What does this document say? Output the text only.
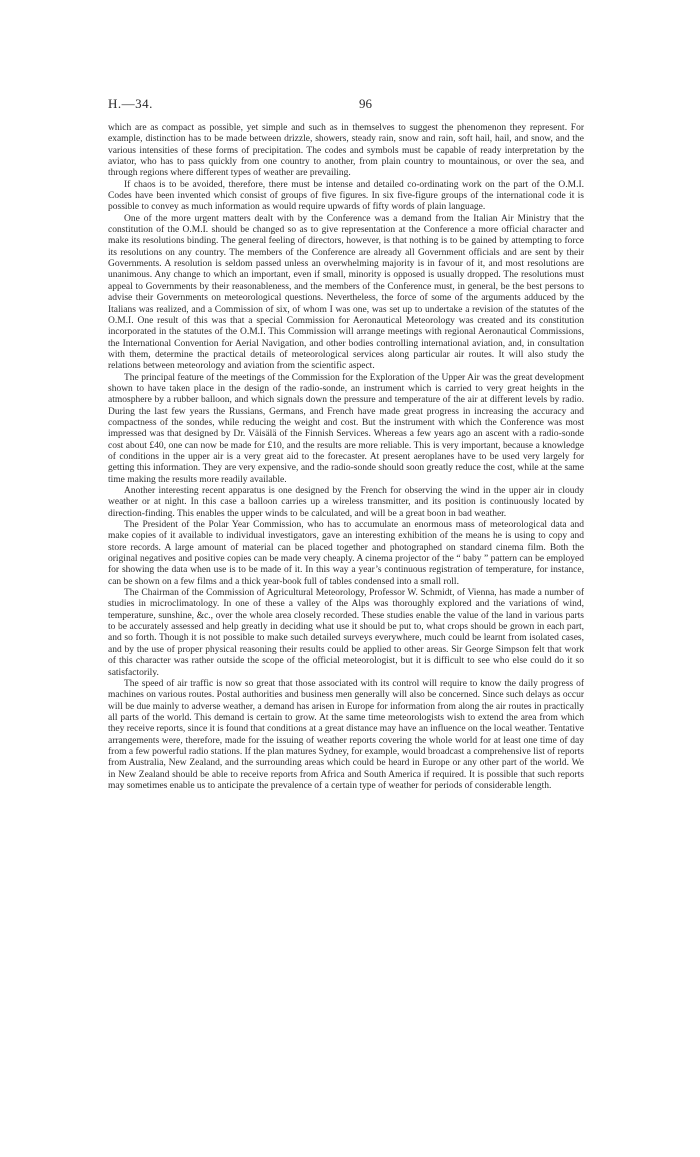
H.—34.	96

which are as compact as possible, yet simple and such as in themselves to suggest the phenomenon they represent. For example, distinction has to be made between drizzle, showers, steady rain, snow and rain, soft hail, hail, and snow, and the various intensities of these forms of precipitation. The codes and symbols must be capable of ready interpretation by the aviator, who has to pass quickly from one country to another, from plain country to mountainous, or over the sea, and through regions where different types of weather are prevailing.

If chaos is to be avoided, therefore, there must be intense and detailed co-ordinating work on the part of the O.M.I. Codes have been invented which consist of groups of five figures. In six five-figure groups of the international code it is possible to convey as much information as would require upwards of fifty words of plain language.

One of the more urgent matters dealt with by the Conference was a demand from the Italian Air Ministry that the constitution of the O.M.I. should be changed so as to give representation at the Conference a more official character and make its resolutions binding. The general feeling of directors, however, is that nothing is to be gained by attempting to force its resolutions on any country. The members of the Conference are already all Government officials and are sent by their Governments. A resolution is seldom passed unless an overwhelming majority is in favour of it, and most resolutions are unanimous. Any change to which an important, even if small, minority is opposed is usually dropped. The resolutions must appeal to Governments by their reasonableness, and the members of the Conference must, in general, be the best persons to advise their Governments on meteorological questions. Nevertheless, the force of some of the arguments adduced by the Italians was realized, and a Commission of six, of whom I was one, was set up to undertake a revision of the statutes of the O.M.I. One result of this was that a special Commission for Aeronautical Meteorology was created and its constitution incorporated in the statutes of the O.M.I. This Commission will arrange meetings with regional Aeronautical Commissions, the International Convention for Aerial Navigation, and other bodies controlling international aviation, and, in consultation with them, determine the practical details of meteorological services along particular air routes. It will also study the relations between meteorology and aviation from the scientific aspect.

The principal feature of the meetings of the Commission for the Exploration of the Upper Air was the great development shown to have taken place in the design of the radio-sonde, an instrument which is carried to very great heights in the atmosphere by a rubber balloon, and which signals down the pressure and temperature of the air at different levels by radio. During the last few years the Russians, Germans, and French have made great progress in increasing the accuracy and compactness of the sondes, while reducing the weight and cost. But the instrument with which the Conference was most impressed was that designed by Dr. Väisälä of the Finnish Services. Whereas a few years ago an ascent with a radio-sonde cost about £40, one can now be made for £10, and the results are more reliable. This is very important, because a knowledge of conditions in the upper air is a very great aid to the forecaster. At present aeroplanes have to be used very largely for getting this information. They are very expensive, and the radio-sonde should soon greatly reduce the cost, while at the same time making the results more readily available.

Another interesting recent apparatus is one designed by the French for observing the wind in the upper air in cloudy weather or at night. In this case a balloon carries up a wireless transmitter, and its position is continuously located by direction-finding. This enables the upper winds to be calculated, and will be a great boon in bad weather.

The President of the Polar Year Commission, who has to accumulate an enormous mass of meteorological data and make copies of it available to individual investigators, gave an interesting exhibition of the means he is using to copy and store records. A large amount of material can be placed together and photographed on standard cinema film. Both the original negatives and positive copies can be made very cheaply. A cinema projector of the “ baby ” pattern can be employed for showing the data when use is to be made of it. In this way a year’s continuous registration of temperature, for instance, can be shown on a few films and a thick year-book full of tables condensed into a small roll.

The Chairman of the Commission of Agricultural Meteorology, Professor W. Schmidt, of Vienna, has made a number of studies in microclimatology. In one of these a valley of the Alps was thoroughly explored and the variations of wind, temperature, sunshine, &c., over the whole area closely recorded. These studies enable the value of the land in various parts to be accurately assessed and help greatly in deciding what use it should be put to, what crops should be grown in each part, and so forth. Though it is not possible to make such detailed surveys everywhere, much could be learnt from isolated cases, and by the use of proper physical reasoning their results could be applied to other areas. Sir George Simpson felt that work of this character was rather outside the scope of the official meteorologist, but it is difficult to see who else could do it so satisfactorily.

The speed of air traffic is now so great that those associated with its control will require to know the daily progress of machines on various routes. Postal authorities and business men generally will also be concerned. Since such delays as occur will be due mainly to adverse weather, a demand has arisen in Europe for information from along the air routes in practically all parts of the world. This demand is certain to grow. At the same time meteorologists wish to extend the area from which they receive reports, since it is found that conditions at a great distance may have an influence on the local weather. Tentative arrangements were, therefore, made for the issuing of weather reports covering the whole world for at least one time of day from a few powerful radio stations. If the plan matures Sydney, for example, would broadcast a comprehensive list of reports from Australia, New Zealand, and the surrounding areas which could be heard in Europe or any other part of the world. We in New Zealand should be able to receive reports from Africa and South America if required. It is possible that such reports may sometimes enable us to anticipate the prevalence of a certain type of weather for periods of considerable length.
